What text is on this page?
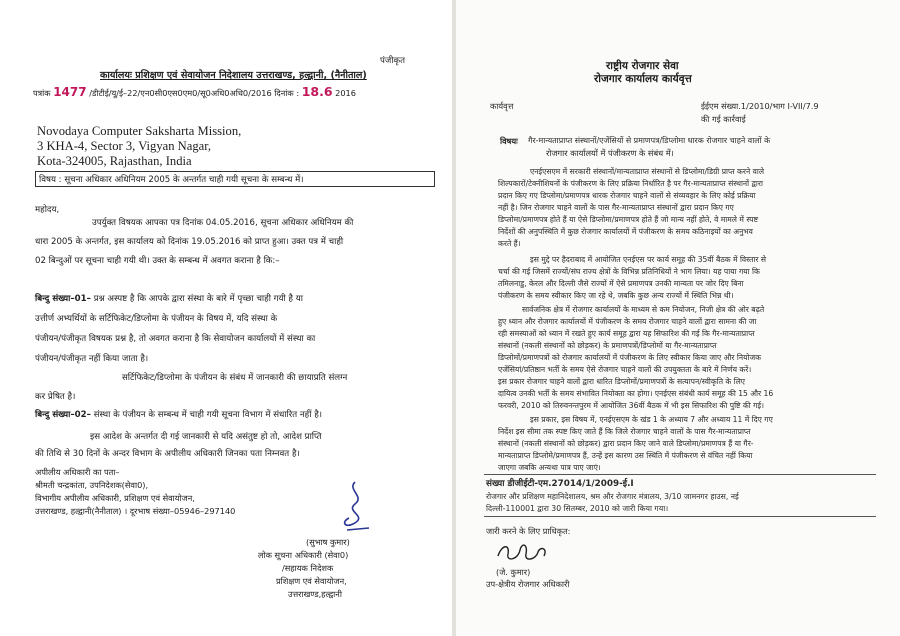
पंजीकृत
कार्यालयः प्रशिक्षण एवं सेवायोजन निदेशालय उत्तराखण्ड, हल्द्वानी, (नैनीताल)
पत्रांक 1477 /डीटीई/यू/ई–22/एन0सी0एस0एम0/सू0अधि0अधि0/2016 दिनांक : 18.6 2016
Novodaya Computer Saksharta Mission,
3 KHA-4, Sector 3, Vigyan Nagar,
Kota-324005, Rajasthan, India
विषय : सूचना अधिकार अधिनियम 2005 के अन्तर्गत चाही गयी सूचना के सम्बन्ध में।
महोदय,
उपर्युक्त विषयक आपका पत्र दिनांक 04.05.2016, सूचना अधिकार अधिनियम की
धारा 2005 के अन्तर्गत, इस कार्यालय को दिनांक 19.05.2016 को प्राप्त हुआ। उक्त पत्र में चाही
02 बिन्दुओं पर सूचना चाही गयी थी। उक्त के सम्बन्ध में अवगत कराना है कि:–
बिन्दु संख्या–01– प्रश्न अस्पष्ट है कि आपके द्वारा संस्था के बारे में पृच्छा चाही गयी है या
उत्तीर्ण अभ्यर्थियों के सर्टिफिकेट/डिप्लोमा के पंजीयन के विषय में, यदि संस्था के
पंजीयन/पंजीकृत विषयक प्रश्न है, तो अवगत कराना है कि सेवायोजन कार्यालयों में संस्था का
पंजीयन/पंजीकृत नहीं किया जाता है।
सर्टिफिकेट/डिप्लोमा के पंजीयन के संबंध में जानकारी की छायाप्रति संलग्न
कर प्रेषित है।
बिन्दु संख्या–02– संस्था के पंजीयन के सम्बन्ध में चाही गयी सूचना विभाग में संधारित नहीं है।
इस आदेश के अन्तर्गत दी गई जानकारी से यदि असंतुष्ट हो तो, आदेश प्राप्ति
की तिथि से 30 दिनों के अन्दर विभाग के अपीलीय अधिकारी जिनका पता निम्नवत है।
अपीलीय अधिकारी का पता–
श्रीमती चन्द्रकांता, उपनिदेशक(सेवा0),
विभागीय अपीलीय अधिकारी, प्रशिक्षण एवं सेवायोजन,
उत्तराखण्ड, हल्द्वानी(नैनीताल) । दूरभाष संख्या–05946–297140
(सुभाष कुमार)
लोक सूचना अधिकारी (सेवा0)
/सहायक निदेशक
प्रशिक्षण एवं सेवायोजन,
उत्तराखण्ड,हल्द्वानी
राष्ट्रीय रोजगार सेवा
रोजगार कार्यालय कार्यवृत्त
कार्यवृत्त	ईईएम संख्या.1/2010/भाग I-VII/7.9
की गई कार्रवाई
विषयः गैर-मान्यताप्राप्त संस्थानों/एजेंसियों से प्रमाणपत्र/डिप्लोमा धारक रोजगार चाहने वालों के
रोजगार कार्यालयों में पंजीकरण के संबंध में।
एनईएसएम में सरकारी संस्थानों/मान्यताप्राप्त संस्थानों से डिप्लोमा/डिग्री प्राप्त करने वाले
शिल्पकारों/टेक्नीशियनों के पंजीकरण के लिए प्रक्रिया निर्धारित है पर गैर-मान्यताप्राप्त संस्थानों द्वारा
प्रदान किए गए डिप्लोमा/प्रमाणपत्र धारक रोजगार चाहने वालों से संव्यवहार के लिए कोई प्रक्रिया
नहीं है। जिन रोजगार चाहने वालों के पास गैर-मान्यताप्राप्त संस्थानों द्वारा प्रदान किए गए
डिप्लोमा/प्रमाणपत्र होते हैं या ऐसे डिप्लोमा/प्रमाणपत्र होते हैं जो मान्य नहीं होते, वे मामले में स्पष्ट
निर्देशों की अनुपस्थिति में कुछ रोजगार कार्यालयों में पंजीकरण के समय कठिनाइयों का अनुभव
करते हैं।
इस मुद्दे पर हैदराबाद में आयोजित एनईएस पर कार्य समूह की 35वीं बैठक में विस्तार से
चर्चा की गई जिसमें राज्यों/संघ राज्य क्षेत्रों के विभिन्न प्रतिनिधियों ने भाग लिया। यह पाया गया कि
तमिलनाडु, केरल और दिल्ली जैसे राज्यों में ऐसे प्रमाणपत्र उनकी मान्यता पर जोर दिए बिना
पंजीकरण के समय स्वीकार किए जा रहे थे, जबकि कुछ अन्य राज्यों में स्थिति भिन्न थी।
सार्वजनिक क्षेत्र में रोजगार कार्यालयों के माध्यम से कम नियोजन, निजी क्षेत्र की ओर बढ़ते
हुए ध्यान और रोजगार कार्यालयों में पंजीकरण के समय रोजगार चाहने वालों द्वारा सामना की जा
रही समस्याओं को ध्यान में रखते हुए कार्य समूह द्वारा यह सिफारिश की गई कि गैर-मान्यताप्राप्त
संस्थानों (नकली संस्थानों को छोड़कर) के प्रमाणपत्रों/डिप्लोमों या गैर-मान्यताप्राप्त
डिप्लोमों/प्रमाणपत्रों को रोजगार कार्यालयों में पंजीकरण के लिए स्वीकार किया जाए और नियोजक
एजेंसियां/प्रतिष्ठान भर्ती के समय ऐसे रोजगार चाहने वालों की उपयुक्तता के बारे में निर्णय करें।
इस प्रकार रोजगार चाहने वालों द्वारा धारित डिप्लोमों/प्रमाणपत्रों के सत्यापन/स्वीकृति के लिए
दायित्व उनकी भर्ती के समय संभावित नियोक्ता का होगा। एनईएस संबंधी कार्य समूह की 15 और 16
फरवरी, 2010 को तिरुवनन्तपुरम में आयोजित 36वीं बैठक में भी इस सिफारिश की पुष्टि की गई।
इस प्रकार, इस विषय में, एनईएसएम के खंड 1 के अध्याय 7 और अध्याय 11 में दिए गए
निर्देश इस सीमा तक स्पष्ट किए जाते हैं कि जिले रोजगार चाहने वालों के पास गैर-मान्यताप्राप्त
संस्थानों (नकली संस्थानों को छोड़कर) द्वारा प्रदान किए जाने वाले डिप्लोमा/प्रमाणपत्र हैं या गैर-
मान्यताप्राप्त डिप्लोमे/प्रमाणपत्र हैं, उन्हें इस कारण उस स्थिति में पंजीकरण से वंचित नहीं किया
जाएगा जबकि अन्यथा पात्र पाए जाएं।
संख्या डीजीईटी-एम.27014/1/2009-ई.I
रोजगार और प्रशिक्षण महानिदेशालय, श्रम और रोजगार मंत्रालय, 3/10 जामनगर हाउस, नई
दिल्ली-110001 द्वारा 30 सितम्बर, 2010 को जारी किया गया।
जारी करने के लिए प्राधिकृत:
(जे. कुमार)
उप-क्षेत्रीय रोजगार अधिकारी
